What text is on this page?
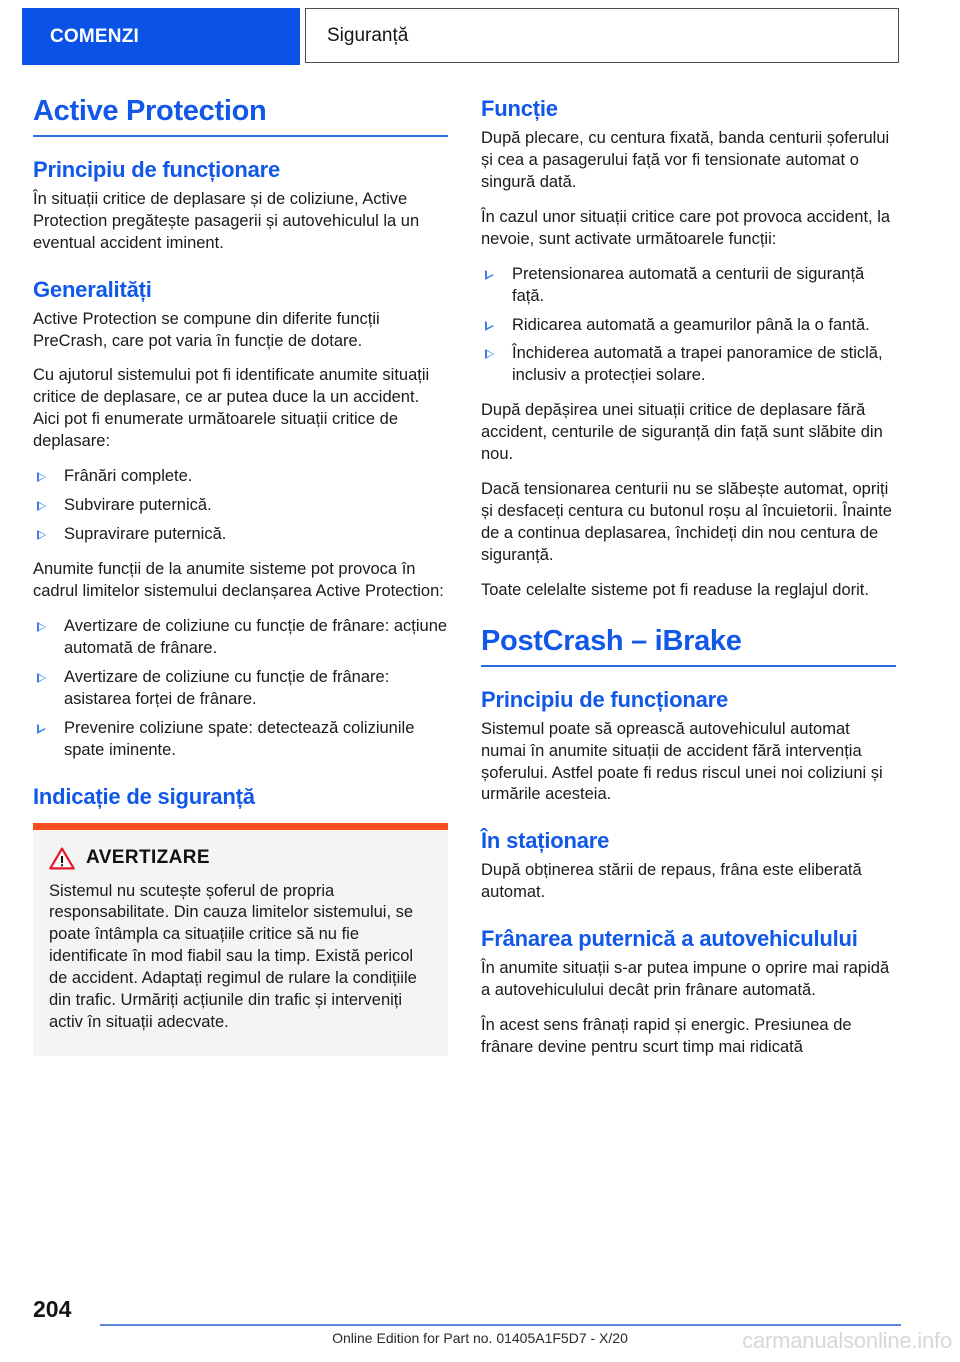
COMENZI	Siguranță
Active Protection
Principiu de funcționare

În situații critice de deplasare și de coliziune, Active Protection pregătește pasagerii și autovehiculul la un eventual accident iminent.

Generalități

Active Protection se compune din diferite funcții PreCrash, care pot varia în funcție de dotare.

Cu ajutorul sistemului pot fi identificate anumite situații critice de deplasare, ce ar putea duce la un accident. Aici pot fi enumerate următoarele situații critice de deplasare:

Frânări complete.
Subvirare puternică.
Supravirare puternică.

Anumite funcții de la anumite sisteme pot provoca în cadrul limitelor sistemului declanșarea Active Protection:

Avertizare de coliziune cu funcție de frânare: acțiune automată de frânare.
Avertizare de coliziune cu funcție de frânare: asistarea forței de frânare.
Prevenire coliziune spate: detectează coliziunile spate iminente.
Indicație de siguranță
AVERTIZARE

Sistemul nu scutește șoferul de propria responsabilitate. Din cauza limitelor sistemului, se poate întâmpla ca situațiile critice să nu fie identificate în mod fiabil sau la timp. Există pericol de accident. Adaptați regimul de rulare la condițiile din trafic. Urmăriți acțiunile din trafic și interveniți activ în situații adecvate.

Funcție

După plecare, cu centura fixată, banda centurii șoferului și cea a pasagerului față vor fi tensionate automat o singură dată.

În cazul unor situații critice care pot provoca accident, la nevoie, sunt activate următoarele funcții:

Pretensionarea automată a centurii de siguranță față.
Ridicarea automată a geamurilor până la o fantă.
Închiderea automată a trapei panoramice de sticlă, inclusiv a protecției solare.

După depășirea unei situații critice de deplasare fără accident, centurile de siguranță din față sunt slăbite din nou.

Dacă tensionarea centurii nu se slăbește automat, opriți și desfaceți centura cu butonul roșu al încuietorii. Înainte de a continua deplasarea, închideți din nou centura de siguranță.

Toate celelalte sisteme pot fi readuse la reglajul dorit.

PostCrash – iBrake
Principiu de funcționare

Sistemul poate să oprească autovehiculul automat numai în anumite situații de accident fără intervenția șoferului. Astfel poate fi redus riscul unei noi coliziuni și urmările acesteia.

În staționare

După obținerea stării de repaus, frâna este eliberată automat.

Frânarea puternică a autovehiculului

În anumite situații s-ar putea impune o oprire mai rapidă a autovehiculului decât prin frânare automată.

În acest sens frânați rapid și energic. Presiunea de frânare devine pentru scurt timp mai ridicată

204
Online Edition for Part no. 01405A1F5D7 - X/20	carmanualsonline.info
